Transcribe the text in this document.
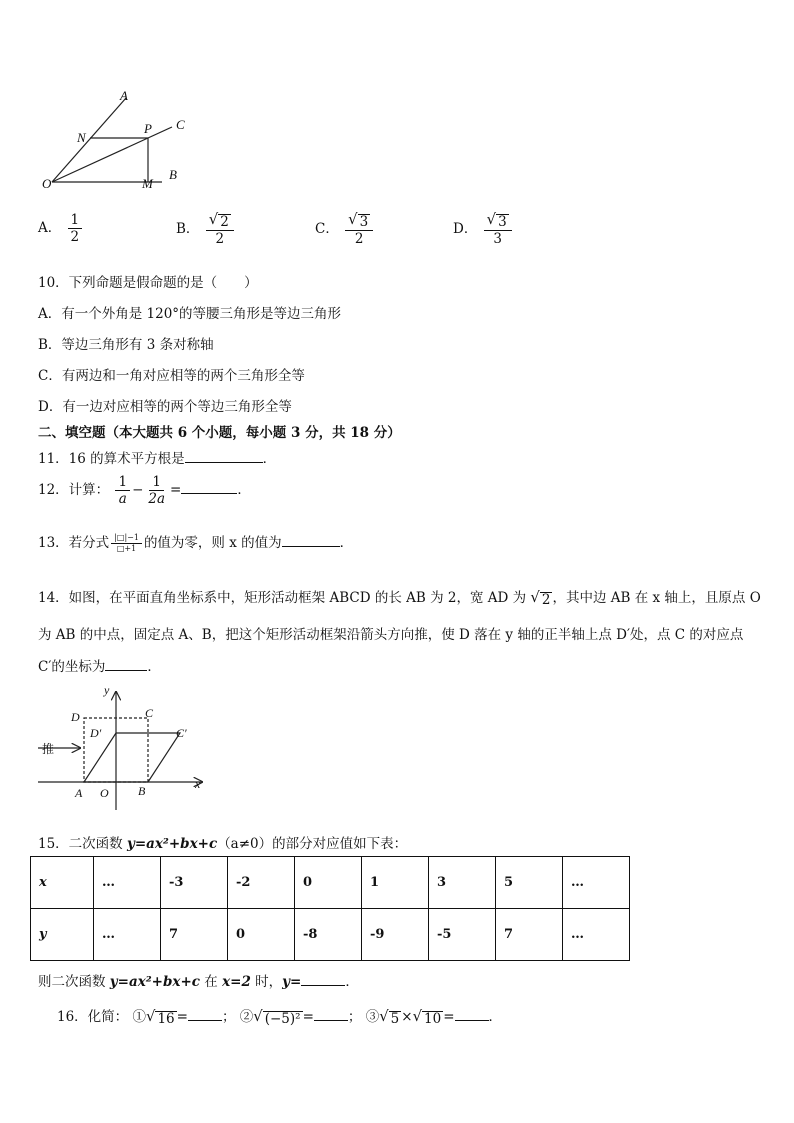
A
C
N
P
O	M
B
A． $\frac{1}{2}$	B． $\frac{√ 2}{2}$	C． $\frac{√ 3}{2}$	D． $\frac{√ 3}{3}$
10．下列命题是假命题的是（　　）
A．有一个外角是 120°的等腰三角形是等边三角形
B．等边三角形有 3 条对称轴
C．有两边和一角对应相等的两个三角形全等
D．有一边对应相等的两个等边三角形全等
二、填空题（本大题共 6 个小题，每小题 3 分，共 18 分）
11．16 的算术平方根是	．
12．计算： $\frac{1}{a} - \frac{1}{2a}$ =	．
13．若分式 $\frac{|□|-1}{□+1}$ 的值为零，则 x 的值为	．
14．如图，在平面直角坐标系中，矩形活动框架 ABCD 的长 AB 为 2，宽 AD 为 √ 2 ，其中边 AB 在 x 轴上，且原点 O
为 AB 的中点，固定点 A、B，把这个矩形活动框架沿箭头方向推，使 D 落在 y 轴的正半轴上点 D′处，点 C 的对应点
C′的坐标为	．
y
x
D	C
D′	C′
A O B
推
15．二次函数 y=ax²+bx+c（a≠0）的部分对应值如下表：
x	…	-3	-2	0	1	3	5	…
y	…	7	0	-8	-9	-5	7	…
则二次函数 y=ax²+bx+c 在 x=2 时，y=	．
16．化简： ① √ 16 =	； ② √ (−5)² =	； ③ √ 5 × √ 10 =	．
